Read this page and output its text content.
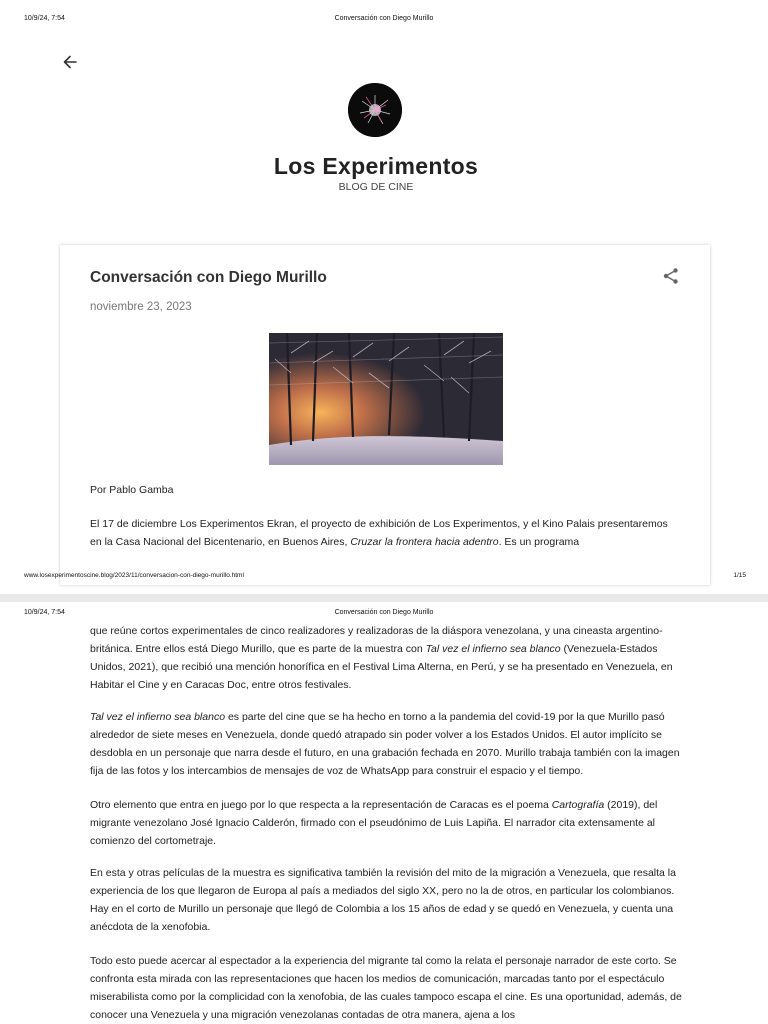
10/9/24, 7:54	Conversación con Diego Murillo
Los Experimentos
BLOG DE CINE
Conversación con Diego Murillo
noviembre 23, 2023

Por Pablo Gamba

El 17 de diciembre Los Experimentos Ekran, el proyecto de exhibición de Los Experimentos, y el Kino Palais presentaremos en la Casa Nacional del Bicentenario, en Buenos Aires, Cruzar la frontera hacia adentro. Es un programa

www.losexperimentoscine.blog/2023/11/conversacion-con-diego-murillo.html	1/15
10/9/24, 7:54	Conversación con Diego Murillo

que reúne cortos experimentales de cinco realizadores y realizadoras de la diáspora venezolana, y una cineasta argentino-británica. Entre ellos está Diego Murillo, que es parte de la muestra con Tal vez el infierno sea blanco (Venezuela-Estados Unidos, 2021), que recibió una mención honorífica en el Festival Lima Alterna, en Perú, y se ha presentado en Venezuela, en Habitar el Cine y en Caracas Doc, entre otros festivales.

Tal vez el infierno sea blanco es parte del cine que se ha hecho en torno a la pandemia del covid-19 por la que Murillo pasó alrededor de siete meses en Venezuela, donde quedó atrapado sin poder volver a los Estados Unidos. El autor implícito se desdobla en un personaje que narra desde el futuro, en una grabación fechada en 2070. Murillo trabaja también con la imagen fija de las fotos y los intercambios de mensajes de voz de WhatsApp para construir el espacio y el tiempo.

Otro elemento que entra en juego por lo que respecta a la representación de Caracas es el poema Cartografía (2019), del migrante venezolano José Ignacio Calderón, firmado con el pseudónimo de Luis Lapiña. El narrador cita extensamente al comienzo del cortometraje.

En esta y otras películas de la muestra es significativa también la revisión del mito de la migración a Venezuela, que resalta la experiencia de los que llegaron de Europa al país a mediados del siglo XX, pero no la de otros, en particular los colombianos. Hay en el corto de Murillo un personaje que llegó de Colombia a los 15 años de edad y se quedó en Venezuela, y cuenta una anécdota de la xenofobia.

Todo esto puede acercar al espectador a la experiencia del migrante tal como la relata el personaje narrador de este corto. Se confronta esta mirada con las representaciones que hacen los medios de comunicación, marcadas tanto por el espectáculo miserabilista como por la complicidad con la xenofobia, de las cuales tampoco escapa el cine. Es una oportunidad, además, de conocer una Venezuela y una migración venezolanas contadas de otra manera, ajena a los
